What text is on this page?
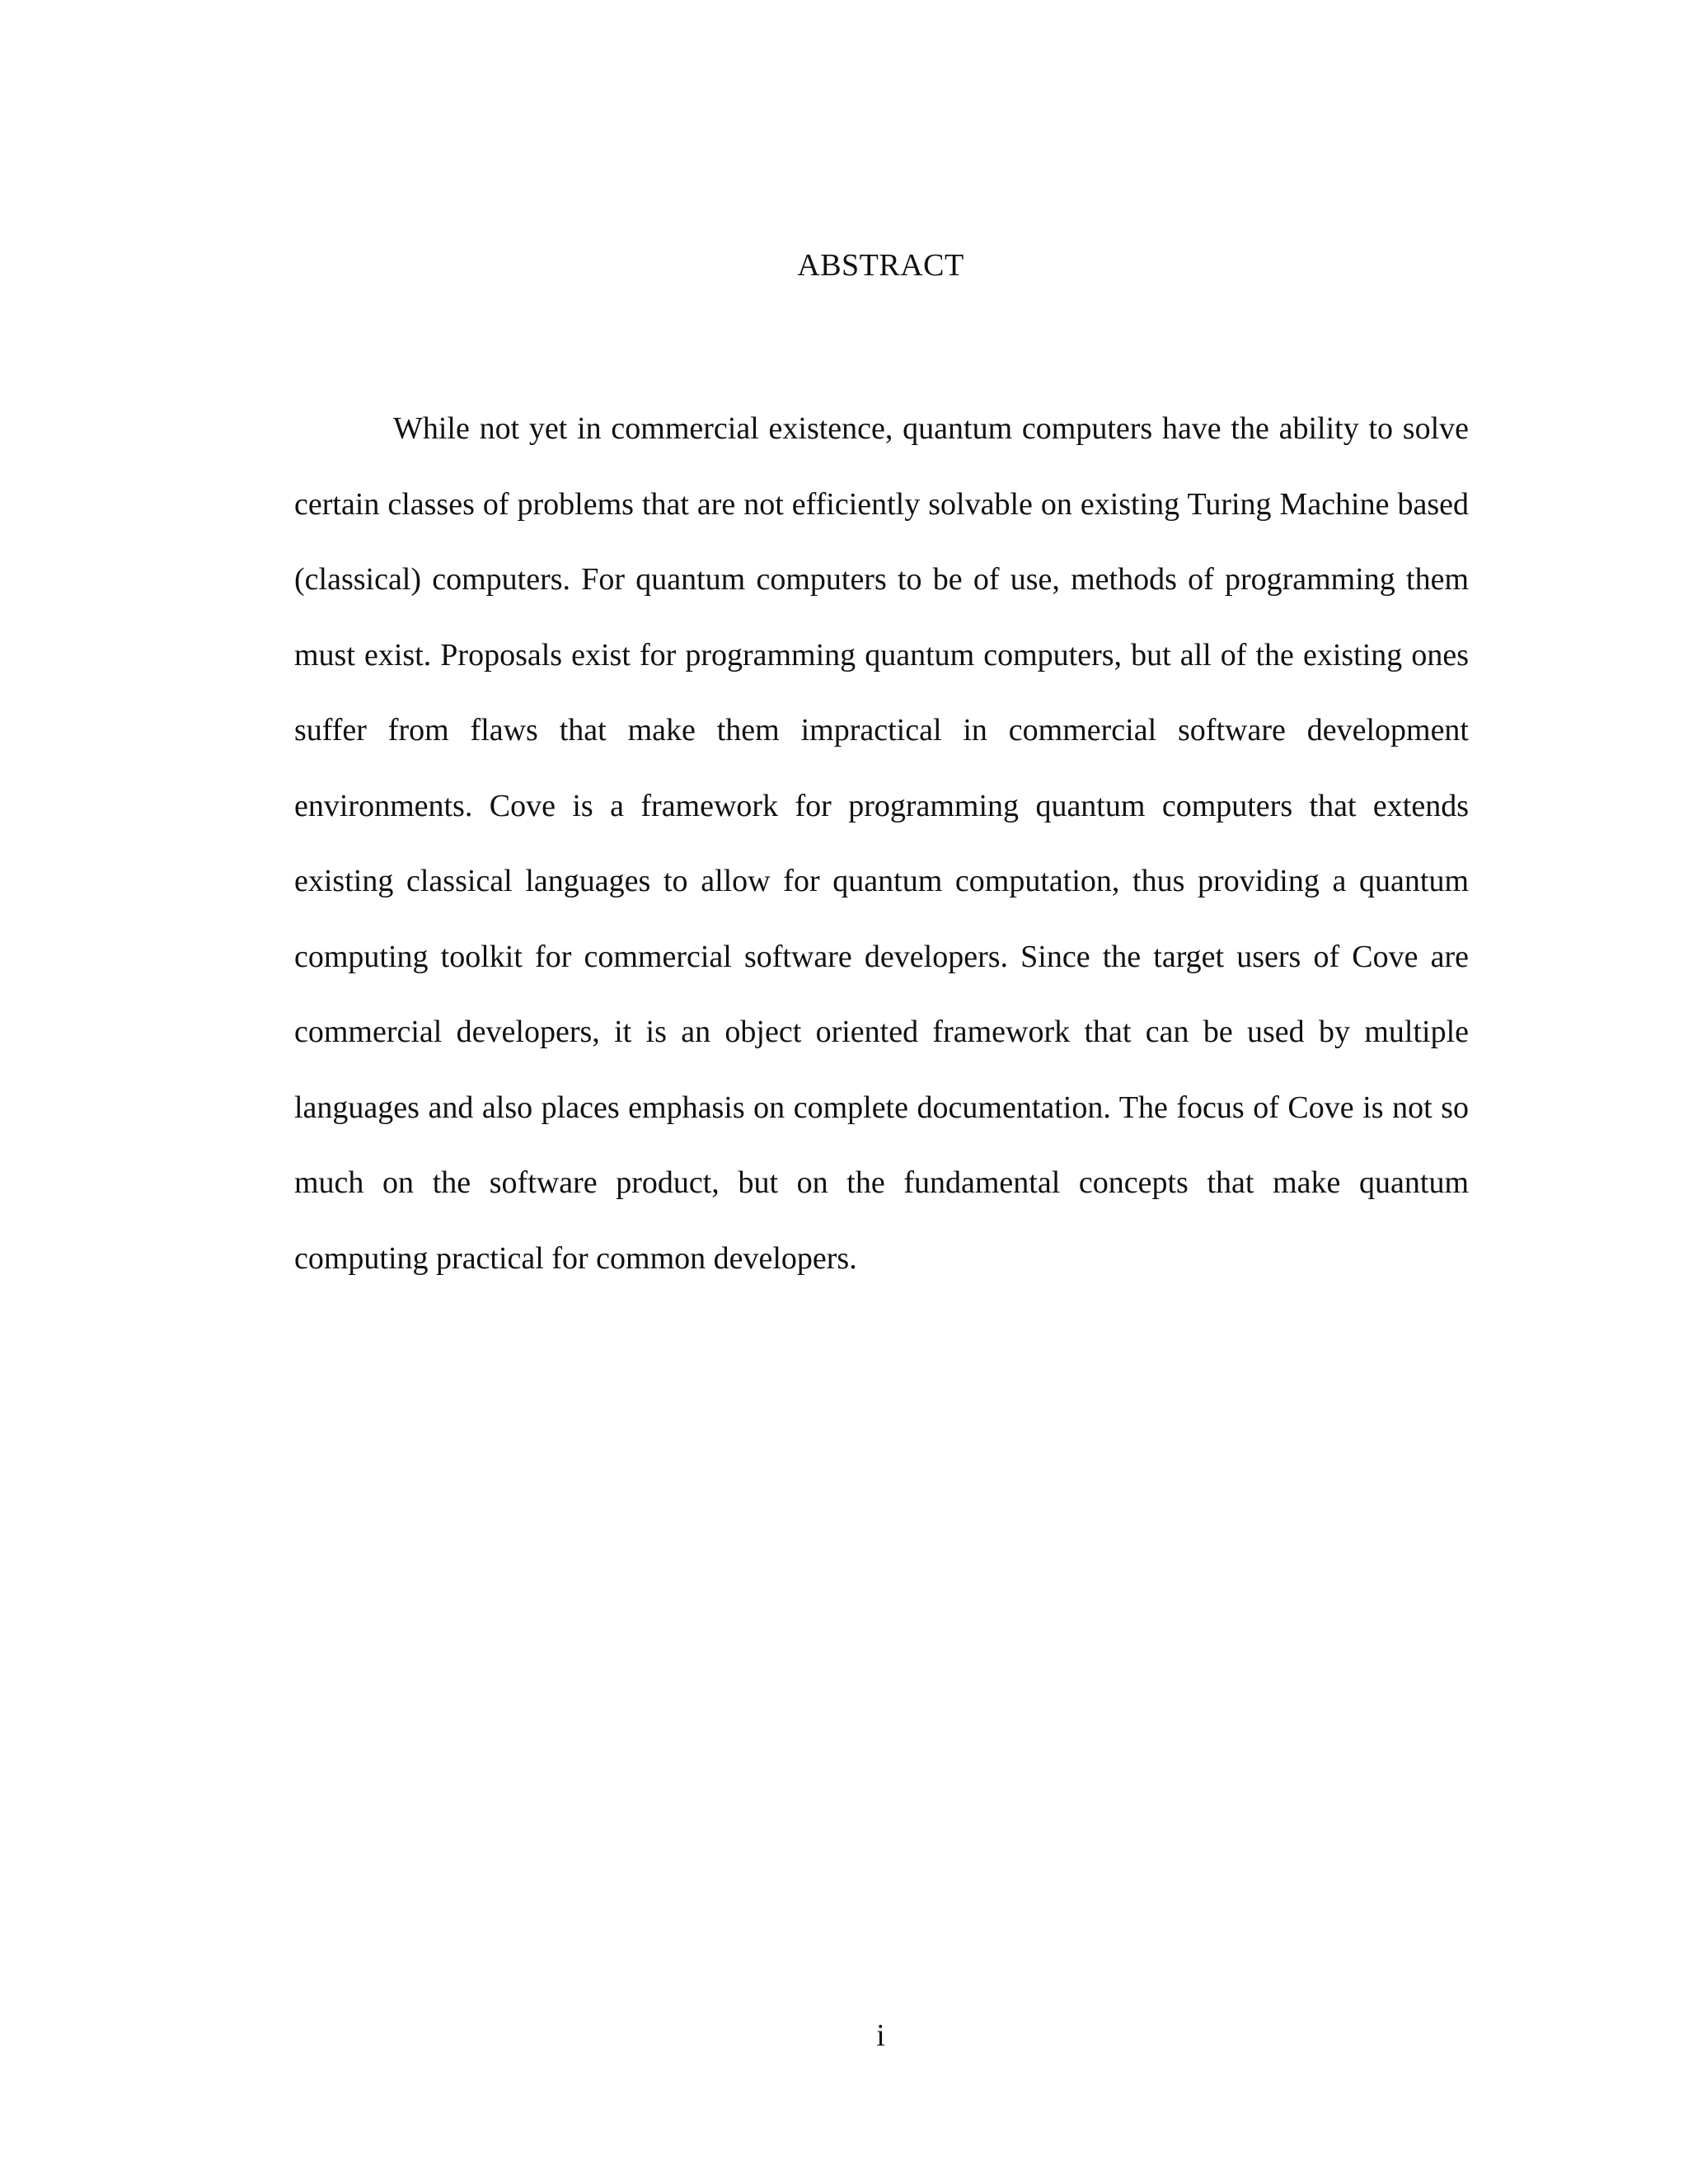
ABSTRACT

While not yet in commercial existence, quantum computers have the ability to solve certain classes of problems that are not efficiently solvable on existing Turing Machine based (classical) computers. For quantum computers to be of use, methods of programming them must exist. Proposals exist for programming quantum computers, but all of the existing ones suffer from flaws that make them impractical in commercial software development environments. Cove is a framework for programming quantum computers that extends existing classical languages to allow for quantum computation, thus providing a quantum computing toolkit for commercial software developers. Since the target users of Cove are commercial developers, it is an object oriented framework that can be used by multiple languages and also places emphasis on complete documentation. The focus of Cove is not so much on the software product, but on the fundamental concepts that make quantum computing practical for common developers.

i
